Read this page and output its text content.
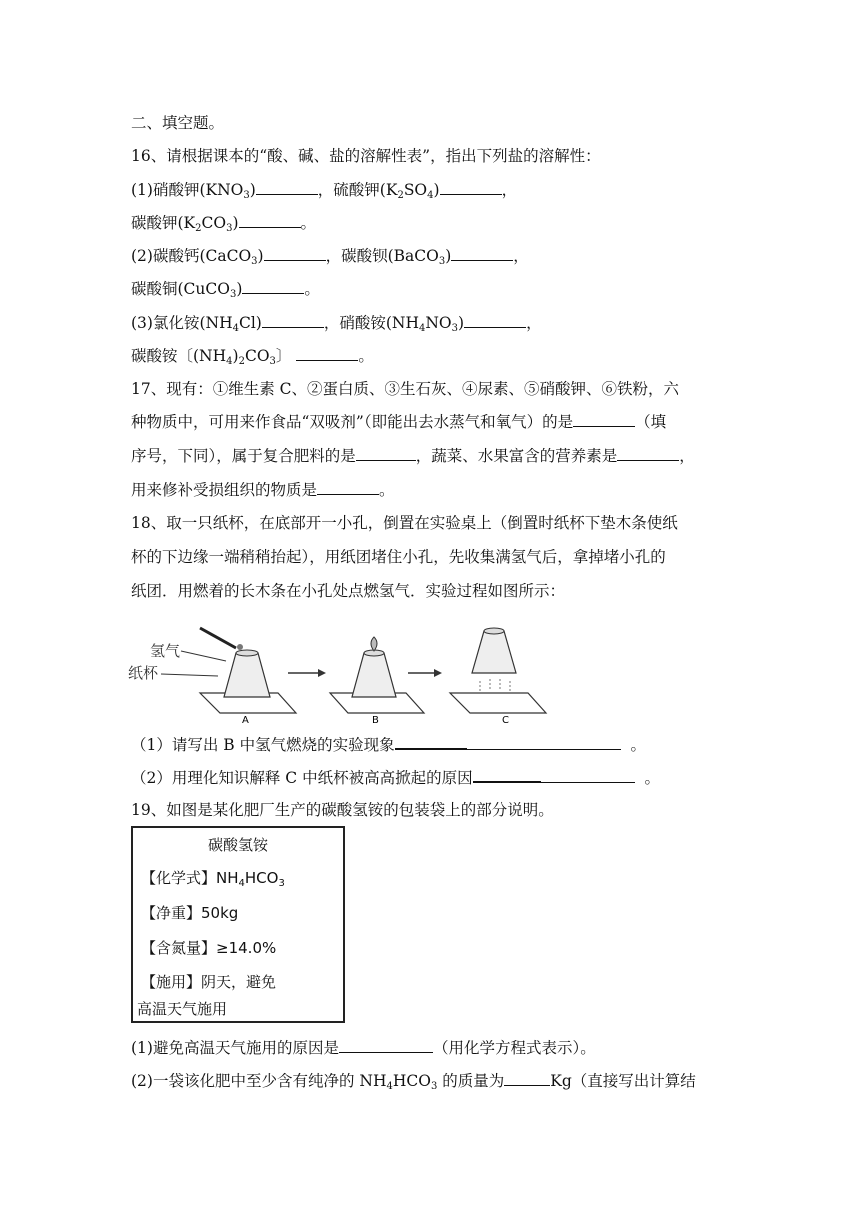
二、填空题。
16、请根据课本的“酸、碱、盐的溶解性表”，指出下列盐的溶解性：
(1)硝酸钾$(KNO_3)$	，硫酸钾$(K_2SO_4)$	，
碳酸钾$(K_2CO_3)$	。
(2)碳酸钙(CaCO$_3$)	，碳酸钡(BaCO$_3$)	，
碳酸铜(CuCO$_3$)	。
(3)氯化铵$(NH_4Cl)$	，硝酸铵$(NH_4NO_3)$	，
碳酸铵〔$(NH_4)_2CO_3$〕	。
17、现有：①维生素 C、②蛋白质、③生石灰、④尿素、⑤硝酸钾、⑥铁粉，六
种物质中，可用来作食品“双吸剂”（即能出去水蒸气和氧气）的是	（填
序号，下同），属于复合肥料的是	，蔬菜、水果富含的营养素是	，
用来修补受损组织的物质是	。
18、取一只纸杯，在底部开一小孔，倒置在实验桌上（倒置时纸杯下垫木条使纸
杯的下边缘一端稍稍抬起），用纸团堵住小孔，先收集满氢气后，拿掉堵小孔的
纸团．用燃着的长木条在小孔处点燃氢气．实验过程如图所示：
氢气
纸杯
A	B	C
（1）请写出 B 中氢气燃烧的实验现象	。
（2）用理化知识解释 C 中纸杯被高高掀起的原因	。
19、如图是某化肥厂生产的碳酸氢铵的包装袋上的部分说明。
碳酸氢铵
【化学式】$NH_4HCO_3$
【净重】50kg
【含氮量】≥14.0%
【施用】阴天，避免
高温天气施用
(1)避免高温天气施用的原因是	（用化学方程式表示）。
(2)一袋该化肥中至少含有纯净的 $NH_4HCO_3$ 的质量为	Kg（直接写出计算结
